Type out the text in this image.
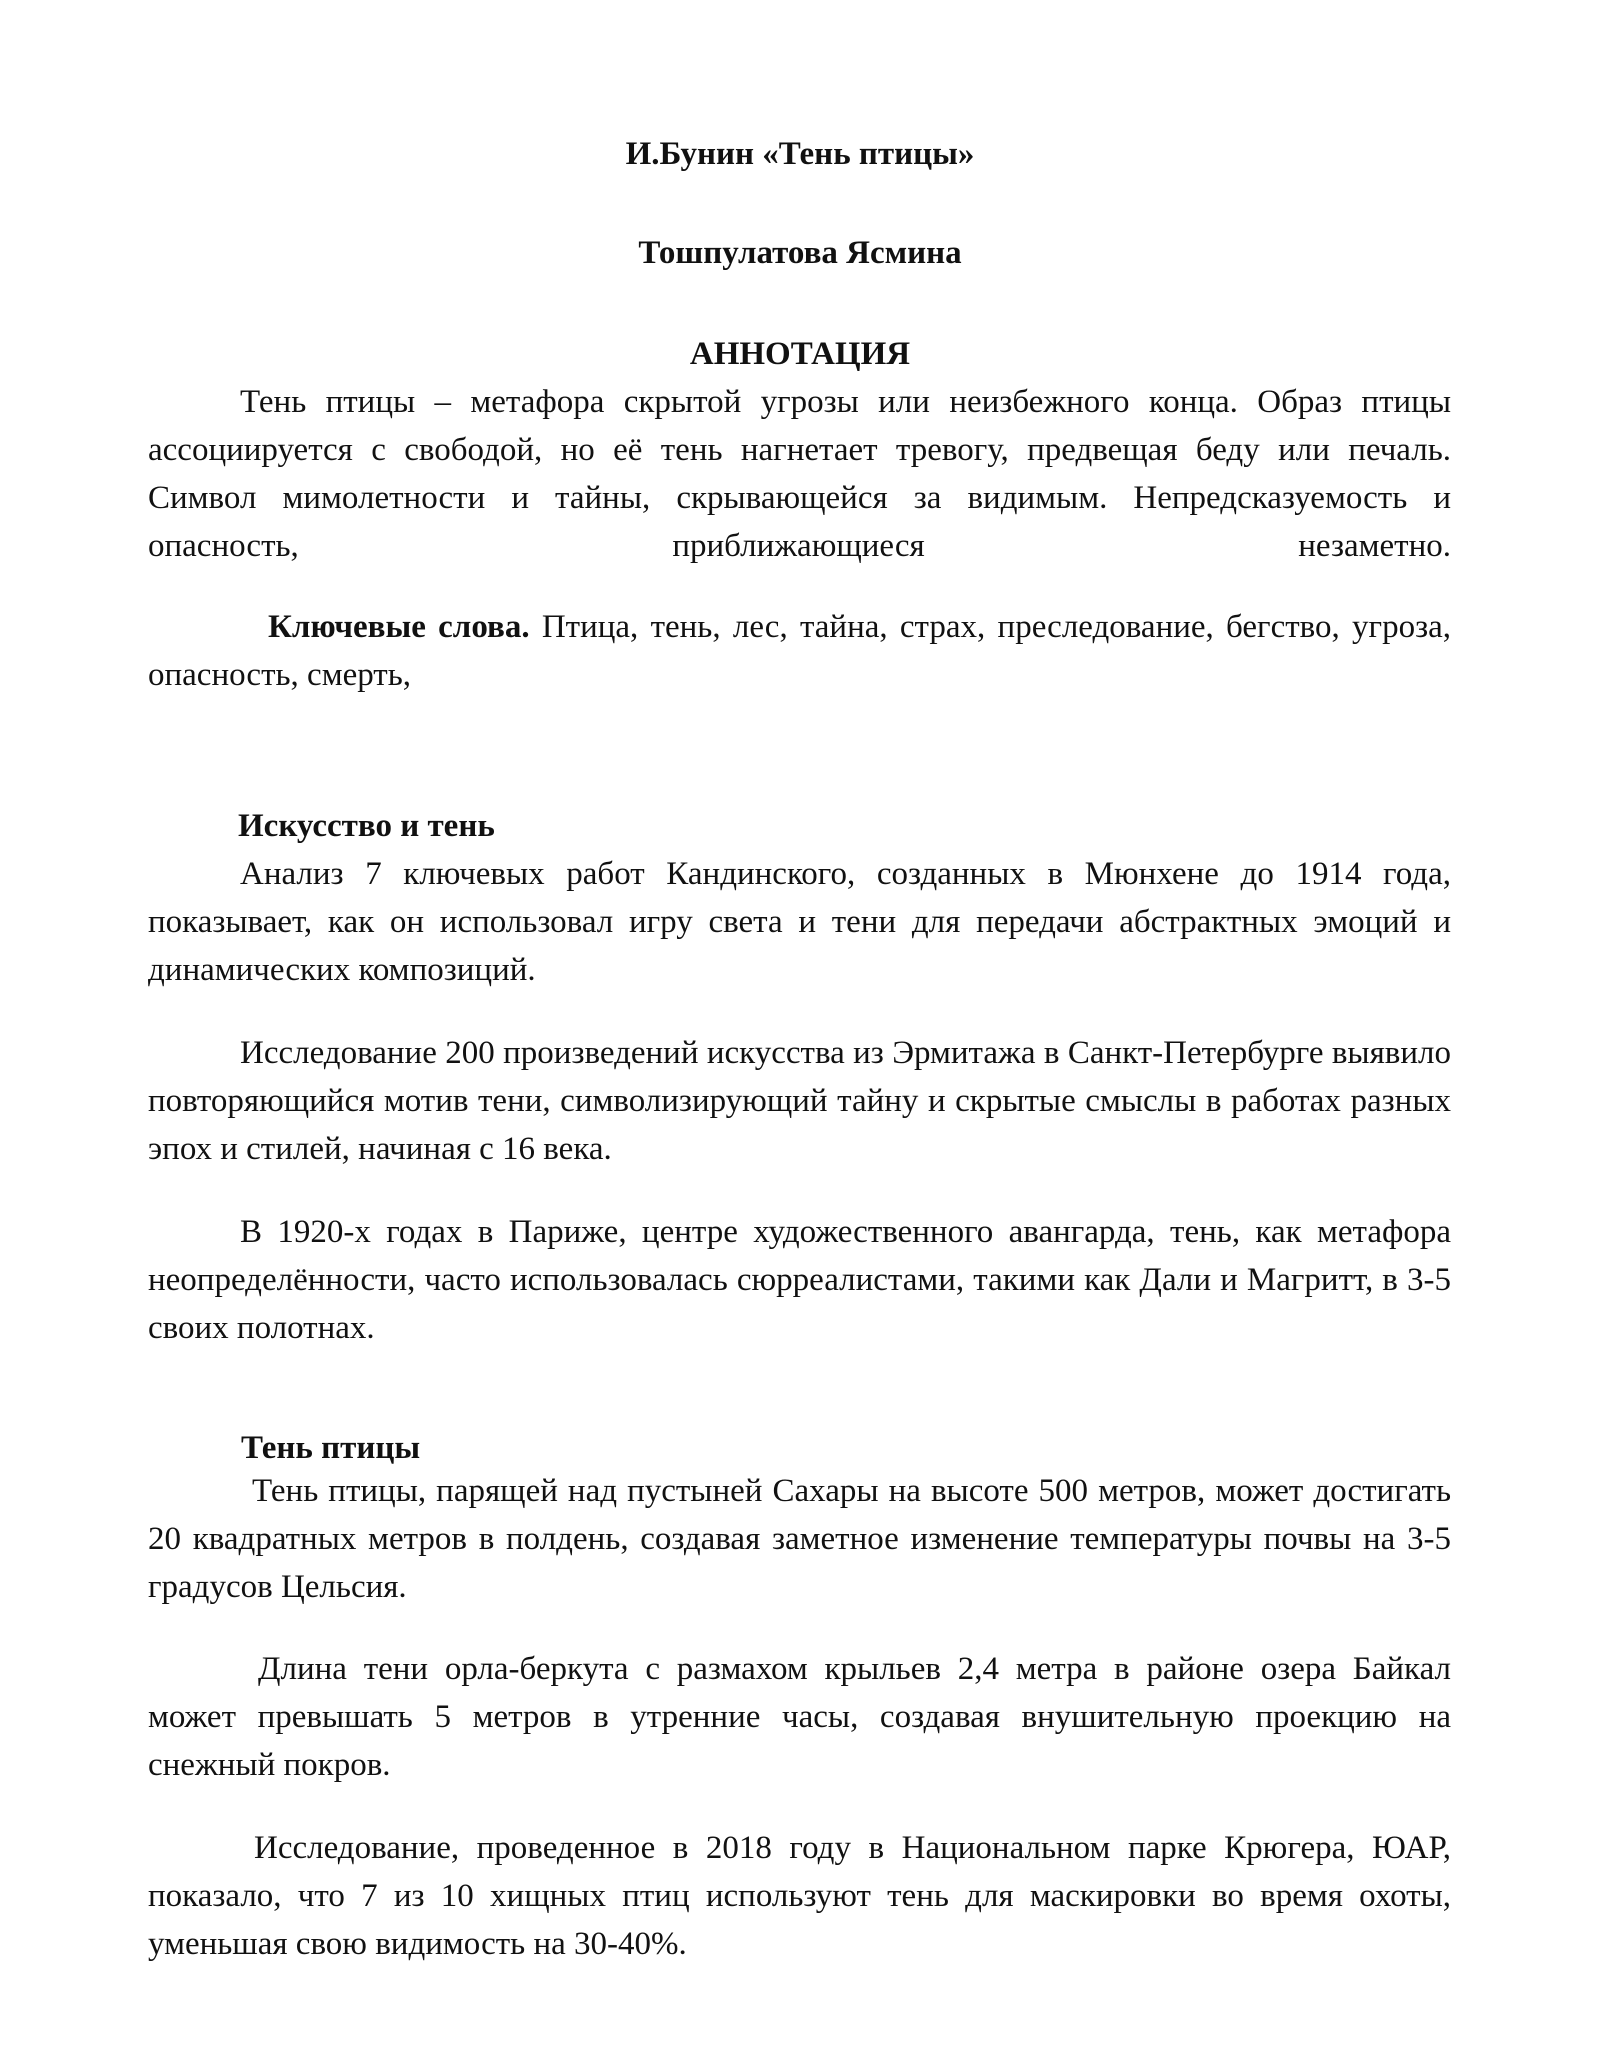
И.Бунин «Тень птицы»
Тошпулатова Ясмина
АННОТАЦИЯ

Тень птицы – метафора скрытой угрозы или неизбежного конца. Образ птицы ассоциируется с свободой, но её тень нагнетает тревогу, предвещая беду или печаль. Символ мимолетности и тайны, скрывающейся за видимым. Непредсказуемость и опасность, приближающиеся незаметно.

Ключевые слова. Птица, тень, лес, тайна, страх, преследование, бегство, угроза, опасность, смерть,

Искусство и тень

Анализ 7 ключевых работ Кандинского, созданных в Мюнхене до 1914 года, показывает, как он использовал игру света и тени для передачи абстрактных эмоций и динамических композиций.

Исследование 200 произведений искусства из Эрмитажа в Санкт-Петербурге выявило повторяющийся мотив тени, символизирующий тайну и скрытые смыслы в работах разных эпох и стилей, начиная с 16 века.

В 1920-х годах в Париже, центре художественного авангарда, тень, как метафора неопределённости, часто использовалась сюрреалистами, такими как Дали и Магритт, в 3-5 своих полотнах.

Тень птицы

Тень птицы, парящей над пустыней Сахары на высоте 500 метров, может достигать 20 квадратных метров в полдень, создавая заметное изменение температуры почвы на 3-5 градусов Цельсия.

Длина тени орла-беркута с размахом крыльев 2,4 метра в районе озера Байкал может превышать 5 метров в утренние часы, создавая внушительную проекцию на снежный покров.

Исследование, проведенное в 2018 году в Национальном парке Крюгера, ЮАР, показало, что 7 из 10 хищных птиц используют тень для маскировки во время охоты, уменьшая свою видимость на 30-40%.
